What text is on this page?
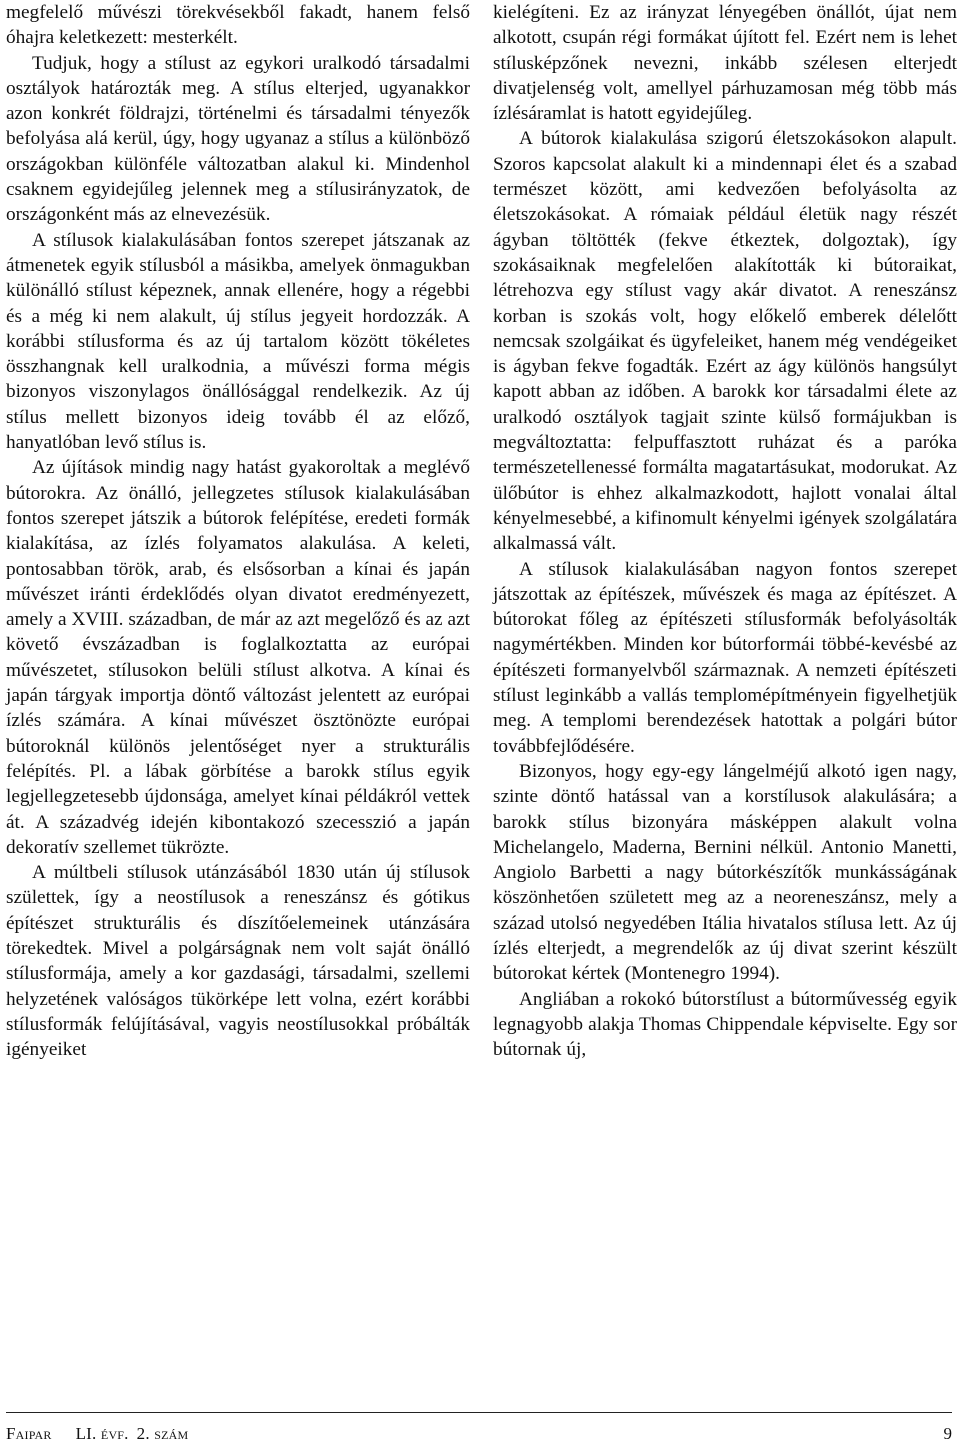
megfelelő művészi törekvésekből fakadt, hanem felső óhajra keletkezett: mesterkélt.

Tudjuk, hogy a stílust az egykori uralkodó társadalmi osztályok határozták meg. A stílus elterjed, ugyanakkor azon konkrét földrajzi, történelmi és társadalmi tényezők befolyása alá kerül, úgy, hogy ugyanaz a stílus a különböző országokban különféle változatban alakul ki. Mindenhol csaknem egyidejűleg jelennek meg a stílusirányzatok, de országonként más az elnevezésük.

A stílusok kialakulásában fontos szerepet játszanak az átmenetek egyik stílusból a másikba, amelyek önmagukban különálló stílust képeznek, annak ellenére, hogy a régebbi és a még ki nem alakult, új stílus jegyeit hordozzák. A korábbi stílusforma és az új tartalom között tökéletes összhangnak kell uralkodnia, a művészi forma mégis bizonyos viszonylagos önállósággal rendelkezik. Az új stílus mellett bizonyos ideig tovább él az előző, hanyatlóban levő stílus is.

Az újítások mindig nagy hatást gyakoroltak a meglévő bútorokra. Az önálló, jellegzetes stílusok kialakulásában fontos szerepet játszik a bútorok felépítése, eredeti formák kialakítása, az ízlés folyamatos alakulása. A keleti, pontosabban török, arab, és elsősorban a kínai és japán művészet iránti érdeklődés olyan divatot eredményezett, amely a XVIII. században, de már az azt megelőző és az azt követő évszázadban is foglalkoztatta az európai művészetet, stílusokon belüli stílust alkotva. A kínai és japán tárgyak importja döntő változást jelentett az európai ízlés számára. A kínai művészet ösztönözte európai bútoroknál különös jelentőséget nyer a strukturális felépítés. Pl. a lábak görbítése a barokk stílus egyik legjellegzetesebb újdonsága, amelyet kínai példákról vettek át. A századvég idején kibontakozó szecesszió a japán dekoratív szellemet tükrözte.

A múltbeli stílusok utánzásából 1830 után új stílusok születtek, így a neostílusok a reneszánsz és gótikus építészet strukturális és díszítőelemeinek utánzására törekedtek. Mivel a polgárságnak nem volt saját önálló stílusformája, amely a kor gazdasági, társadalmi, szellemi helyzetének valóságos tükörképe lett volna, ezért korábbi stílusformák felújításával, vagyis neostílusokkal próbálták igényeiket

kielégíteni. Ez az irányzat lényegében önállót, újat nem alkotott, csupán régi formákat újított fel. Ezért nem is lehet stílusképzőnek nevezni, inkább szélesen elterjedt divatjelenség volt, amellyel párhuzamosan még több más ízlésáramlat is hatott egyidejűleg.

A bútorok kialakulása szigorú életszokásokon alapult. Szoros kapcsolat alakult ki a mindennapi élet és a szabad természet között, ami kedvezően befolyásolta az életszokásokat. A rómaiak például életük nagy részét ágyban töltötték (fekve étkeztek, dolgoztak), így szokásaiknak megfelelően alakították ki bútoraikat, létrehozva egy stílust vagy akár divatot. A reneszánsz korban is szokás volt, hogy előkelő emberek délelőtt nemcsak szolgáikat és ügyfeleiket, hanem még vendégeiket is ágyban fekve fogadták. Ezért az ágy különös hangsúlyt kapott abban az időben. A barokk kor társadalmi élete az uralkodó osztályok tagjait szinte külső formájukban is megváltoztatta: felpuffasztott ruházat és a paróka természetellenessé formálta magatartásukat, modorukat. Az ülőbútor is ehhez alkalmazkodott, hajlott vonalai által kényelmesebbé, a kifinomult kényelmi igények szolgálatára alkalmassá vált.

A stílusok kialakulásában nagyon fontos szerepet játszottak az építészek, művészek és maga az építészet. A bútorokat főleg az építészeti stílusformák befolyásolták nagymértékben. Minden kor bútorformái többé-kevésbé az építészeti formanyelvből származnak. A nemzeti építészeti stílust leginkább a vallás templomépítményein figyelhetjük meg. A templomi berendezések hatottak a polgári bútor továbbfejlődésére.

Bizonyos, hogy egy-egy lángelméjű alkotó igen nagy, szinte döntő hatással van a korstílusok alakulására; a barokk stílus bizonyára másképpen alakult volna Michelangelo, Maderna, Bernini nélkül. Antonio Manetti, Angiolo Barbetti a nagy bútorkészítők munkásságának köszönhetően született meg az a neoreneszánsz, mely a század utolsó negyedében Itália hivatalos stílusa lett. Az új ízlés elterjedt, a megrendelők az új divat szerint készült bútorokat kértek (Montenegro 1994).

Angliában a rokokó bútorstílust a bútorművesség egyik legnagyobb alakja Thomas Chippendale képviselte. Egy sor bútornak új,

Faipar LI. évf. 2. szám	9
